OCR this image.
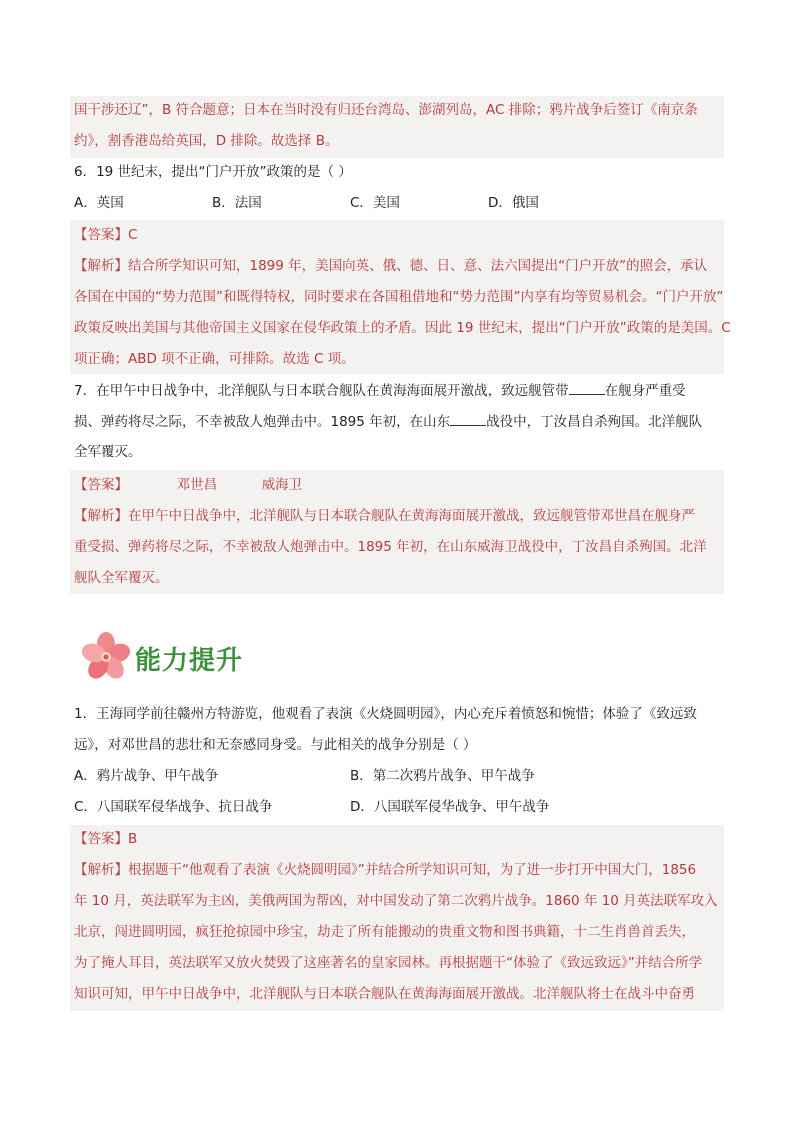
国干涉还辽”，B 符合题意；日本在当时没有归还台湾岛、澎湖列岛，AC 排除；鸦片战争后签订《南京条
约》，割香港岛给英国，D 排除。故选择 B。
6．19 世纪末，提出“门户开放”政策的是（ ）
A．英国	B．法国	C．美国	D．俄国
【答案】C
【解析】结合所学知识可知，1899 年，美国向英、俄、德、日、意、法六国提出“门户开放”的照会，承认
各国在中国的“势力范围”和既得特权，同时要求在各国租借地和“势力范围”内享有均等贸易机会。“门户开放”
政策反映出美国与其他帝国主义国家在侵华政策上的矛盾。因此 19 世纪末，提出“门户开放”政策的是美国。C
项正确；ABD 项不正确，可排除。故选 C 项。
7．在甲午中日战争中，北洋舰队与日本联合舰队在黄海海面展开激战，致远舰管带	在舰身严重受
损、弹药将尽之际，不幸被敌人炮弹击中。1895 年初，在山东	战役中，丁汝昌自杀殉国。北洋舰队
全军覆灭。
【答案】	邓世昌	威海卫
【解析】在甲午中日战争中，北洋舰队与日本联合舰队在黄海海面展开激战，致远舰管带邓世昌在舰身严
重受损、弹药将尽之际，不幸被敌人炮弹击中。1895 年初，在山东威海卫战役中，丁汝昌自杀殉国。北洋
舰队全军覆灭。
能力提升
1．王海同学前往赣州方特游览，他观看了表演《火烧圆明园》，内心充斥着愤怒和惋惜；体验了《致远致
远》，对邓世昌的悲壮和无奈感同身受。与此相关的战争分别是（ ）
A．鸦片战争、甲午战争	B．第二次鸦片战争、甲午战争
C．八国联军侵华战争、抗日战争	D．八国联军侵华战争、甲午战争
【答案】B
【解析】根据题干“他观看了表演《火烧圆明园》”并结合所学知识可知，为了进一步打开中国大门，1856
年 10 月，英法联军为主凶，美俄两国为帮凶，对中国发动了第二次鸦片战争。1860 年 10 月英法联军攻入
北京，闯进圆明园，疯狂抢掠园中珍宝，劫走了所有能搬动的贵重文物和图书典籍，十二生肖兽首丢失，
为了掩人耳目，英法联军又放火焚毁了这座著名的皇家园林。再根据题干“体验了《致远致远》”并结合所学
知识可知，甲午中日战争中，北洋舰队与日本联合舰队在黄海海面展开激战。北洋舰队将士在战斗中奋勇
